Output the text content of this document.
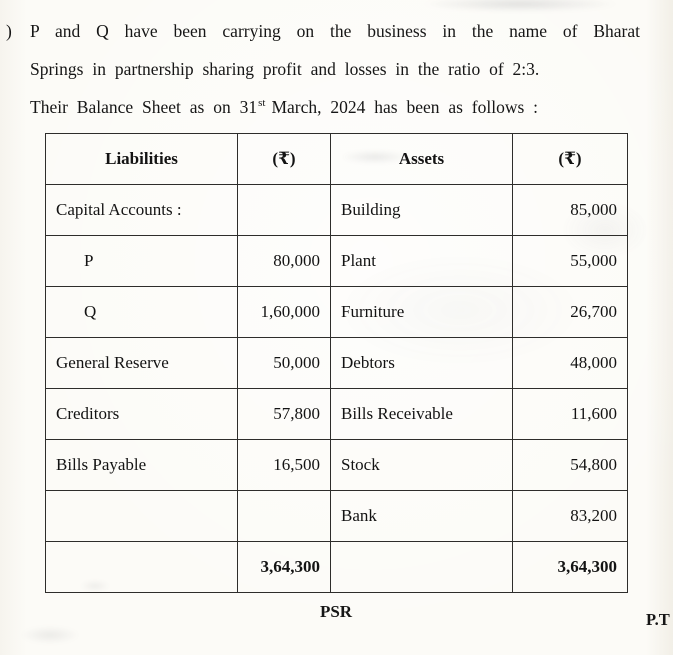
) P and Q have been carrying on the business in the name of Bharat
Springs in partnership sharing profit and losses in the ratio of 2:3.
Their Balance Sheet as on 31st March, 2024 has been as follows :
Liabilities	(₹)	Assets	(₹)
Capital Accounts :		Building	85,000
P	80,000	Plant	55,000
Q	1,60,000	Furniture	26,700
General Reserve	50,000	Debtors	48,000
Creditors	57,800	Bills Receivable	11,600
Bills Payable	16,500	Stock	54,800
		Bank	83,200
	3,64,300		3,64,300
PSR	P.T
